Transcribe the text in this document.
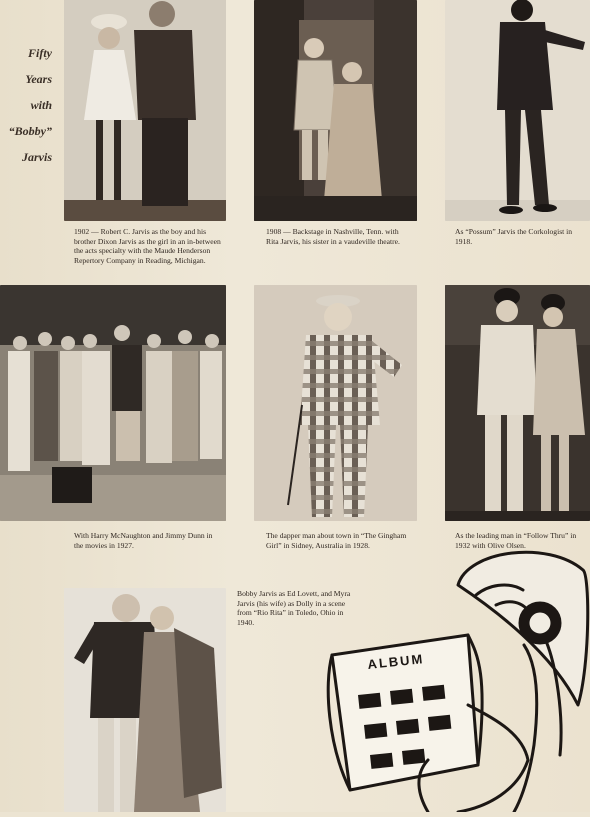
Fifty
Years
with
“Bobby”
Jarvis
1902 — Robert C. Jarvis as the boy and his brother Dixon Jarvis as the girl in an in-between the acts specialty with the Maude Henderson Repertory Company in Reading, Michigan.
1908 — Backstage in Nashville, Tenn. with Rita Jarvis, his sister in a vaudeville theatre.
As “Possum” Jarvis the Corkologist in 1918.
With Harry McNaughton and Jimmy Dunn in the movies in 1927.
The dapper man about town in “The Gingham Girl” in Sidney, Australia in 1928.
As the leading man in “Follow Thru” in 1932 with Olive Olsen.
Bobby Jarvis as Ed Lovett, and Myra Jarvis (his wife) as Dolly in a scene from “Rio Rita” in Toledo, Ohio in 1940.
ALBUM
